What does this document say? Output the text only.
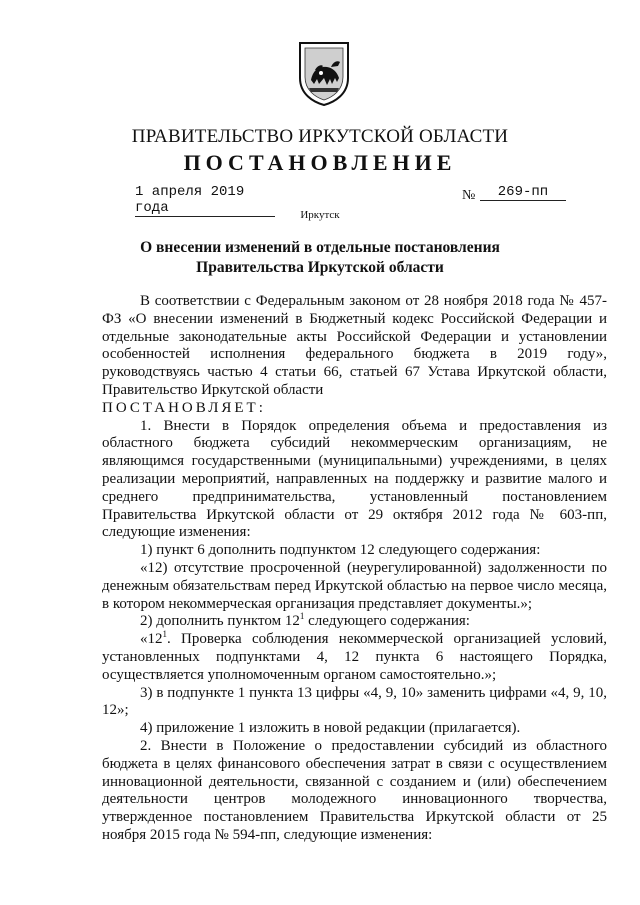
ПРАВИТЕЛЬСТВО ИРКУТСКОЙ ОБЛАСТИ
ПОСТАНОВЛЕНИЕ
1 апреля 2019 года
№	269-пп
Иркутск
О внесении изменений в отдельные постановления Правительства Иркутской области

В соответствии с Федеральным законом от 28 ноября 2018 года № 457-ФЗ «О внесении изменений в Бюджетный кодекс Российской Федерации и отдельные законодательные акты Российской Федерации и установлении особенностей исполнения федерального бюджета в 2019 году», руководствуясь частью 4 статьи 66, статьей 67 Устава Иркутской области, Правительство Иркутской области

ПОСТАНОВЛЯЕТ:

1. Внести в Порядок определения объема и предоставления из областного бюджета субсидий некоммерческим организациям, не являющимся государственными (муниципальными) учреждениями, в целях реализации мероприятий, направленных на поддержку и развитие малого и среднего предпринимательства, установленный постановлением Правительства Иркутской области от 29 октября 2012 года № 603-пп, следующие изменения:

1) пункт 6 дополнить подпунктом 12 следующего содержания:

«12) отсутствие просроченной (неурегулированной) задолженности по денежным обязательствам перед Иркутской областью на первое число месяца, в котором некоммерческая организация представляет документы.»;

2) дополнить пунктом $12^1$ следующего содержания:

«$12^1$. Проверка соблюдения некоммерческой организацией условий, установленных подпунктами 4, 12 пункта 6 настоящего Порядка, осуществляется уполномоченным органом самостоятельно.»;

3) в подпункте 1 пункта 13 цифры «4, 9, 10» заменить цифрами «4, 9, 10, 12»;

4) приложение 1 изложить в новой редакции (прилагается).

2. Внести в Положение о предоставлении субсидий из областного бюджета в целях финансового обеспечения затрат в связи с осуществлением инновационной деятельности, связанной с созданием и (или) обеспечением деятельности центров молодежного инновационного творчества, утвержденное постановлением Правительства Иркутской области от 25 ноября 2015 года № 594-пп, следующие изменения:
